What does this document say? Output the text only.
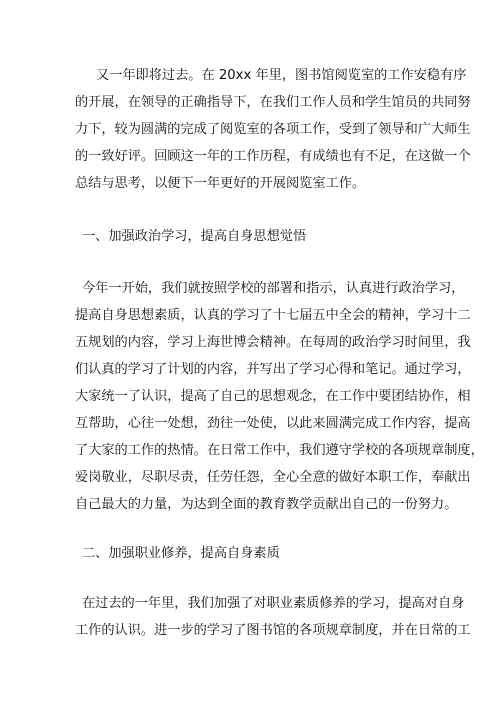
又一年即将过去。在 20xx 年里，图书馆阅览室的工作安稳有序
的开展，在领导的正确指导下，在我们工作人员和学生馆员的共同努
力下，较为圆满的完成了阅览室的各项工作，受到了领导和广大师生
的一致好评。回顾这一年的工作历程，有成绩也有不足，在这做一个
总结与思考，以便下一年更好的开展阅览室工作。
一、加强政治学习，提高自身思想觉悟
今年一开始，我们就按照学校的部署和指示，认真进行政治学习，
提高自身思想素质，认真的学习了十七届五中全会的精神，学习十二
五规划的内容，学习上海世博会精神。在每周的政治学习时间里，我
们认真的学习了计划的内容，并写出了学习心得和笔记。通过学习，
大家统一了认识，提高了自己的思想观念，在工作中要团结协作，相
互帮助，心往一处想，劲往一处使，以此来圆满完成工作内容，提高
了大家的工作的热情。在日常工作中，我们遵守学校的各项规章制度，
爱岗敬业，尽职尽责，任劳任怨，全心全意的做好本职工作，奉献出
自己最大的力量，为达到全面的教育教学贡献出自己的一份努力。
二、加强职业修养，提高自身素质
在过去的一年里，我们加强了对职业素质修养的学习，提高对自身
工作的认识。进一步的学习了图书馆的各项规章制度，并在日常的工
